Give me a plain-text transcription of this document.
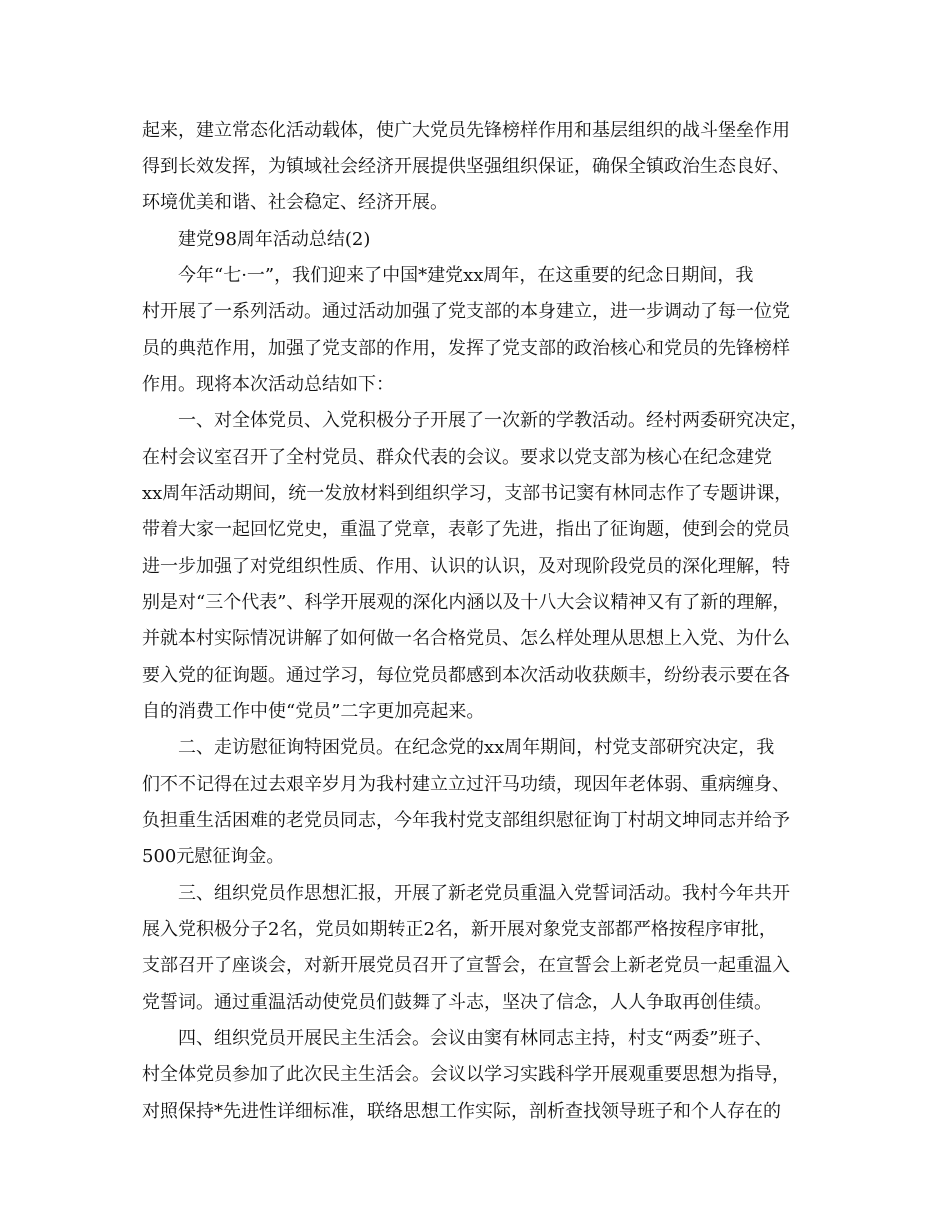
起来，建立常态化活动载体，使广大党员先锋榜样作用和基层组织的战斗堡垒作用
得到长效发挥，为镇域社会经济开展提供坚强组织保证，确保全镇政治生态良好、
环境优美和谐、社会稳定、经济开展。
建党98周年活动总结(2)
今年“七·一”，我们迎来了中国*建党xx周年，在这重要的纪念日期间，我
村开展了一系列活动。通过活动加强了党支部的本身建立，进一步调动了每一位党
员的典范作用，加强了党支部的作用，发挥了党支部的政治核心和党员的先锋榜样
作用。现将本次活动总结如下：
一、对全体党员、入党积极分子开展了一次新的学教活动。经村两委研究决定，
在村会议室召开了全村党员、群众代表的会议。要求以党支部为核心在纪念建党
xx周年活动期间，统一发放材料到组织学习，支部书记窦有林同志作了专题讲课，
带着大家一起回忆党史，重温了党章，表彰了先进，指出了征询题，使到会的党员
进一步加强了对党组织性质、作用、认识的认识，及对现阶段党员的深化理解，特
别是对“三个代表”、科学开展观的深化内涵以及十八大会议精神又有了新的理解，
并就本村实际情况讲解了如何做一名合格党员、怎么样处理从思想上入党、为什么
要入党的征询题。通过学习，每位党员都感到本次活动收获颇丰，纷纷表示要在各
自的消费工作中使“党员”二字更加亮起来。
二、走访慰征询特困党员。在纪念党的xx周年期间，村党支部研究决定，我
们不不记得在过去艰辛岁月为我村建立立过汗马功绩，现因年老体弱、重病缠身、
负担重生活困难的老党员同志，今年我村党支部组织慰征询丁村胡文坤同志并给予
500元慰征询金。
三、组织党员作思想汇报，开展了新老党员重温入党誓词活动。我村今年共开
展入党积极分子2名，党员如期转正2名，新开展对象党支部都严格按程序审批，
支部召开了座谈会，对新开展党员召开了宣誓会，在宣誓会上新老党员一起重温入
党誓词。通过重温活动使党员们鼓舞了斗志，坚决了信念，人人争取再创佳绩。
四、组织党员开展民主生活会。会议由窦有林同志主持，村支“两委”班子、
村全体党员参加了此次民主生活会。会议以学习实践科学开展观重要思想为指导，
对照保持*先进性详细标准，联络思想工作实际，剖析查找领导班子和个人存在的
